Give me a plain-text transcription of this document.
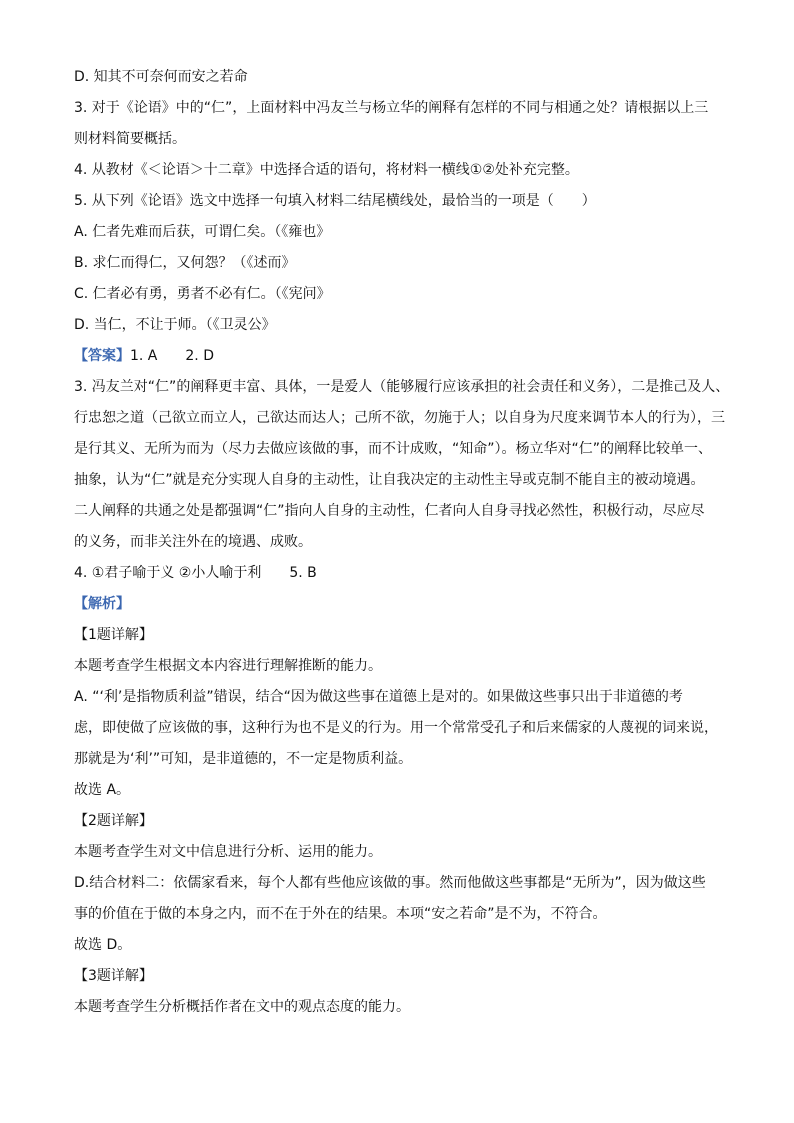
D. 知其不可奈何而安之若命
3. 对于《论语》中的“仁”，上面材料中冯友兰与杨立华的阐释有怎样的不同与相通之处？请根据以上三
则材料简要概括。
4. 从教材《＜论语＞十二章》中选择合适的语句，将材料一横线①②处补充完整。
5. 从下列《论语》选文中选择一句填入材料二结尾横线处，最恰当的一项是（　　）
A. 仁者先难而后获，可谓仁矣。（《雍也》
B. 求仁而得仁，又何怨？（《述而》
C. 仁者必有勇，勇者不必有仁。（《宪问》
D. 当仁，不让于师。（《卫灵公》
【答案】1. A　　2. D
3. 冯友兰对“仁”的阐释更丰富、具体，一是爱人（能够履行应该承担的社会责任和义务），二是推己及人、
行忠恕之道（己欲立而立人，己欲达而达人；己所不欲，勿施于人；以自身为尺度来调节本人的行为），三
是行其义、无所为而为（尽力去做应该做的事，而不计成败，“知命”）。杨立华对“仁”的阐释比较单一、
抽象，认为“仁”就是充分实现人自身的主动性，让自我决定的主动性主导或克制不能自主的被动境遇。
二人阐释的共通之处是都强调“仁”指向人自身的主动性，仁者向人自身寻找必然性，积极行动，尽应尽
的义务，而非关注外在的境遇、成败。
4. ①君子喻于义 ②小人喻于利　　5. B
【解析】
【1题详解】
本题考查学生根据文本内容进行理解推断的能力。
A. “‘利’是指物质利益”错误，结合“因为做这些事在道德上是对的。如果做这些事只出于非道德的考
虑，即使做了应该做的事，这种行为也不是义的行为。用一个常常受孔子和后来儒家的人蔑视的词来说，
那就是为‘利’”可知，是非道德的，不一定是物质利益。
故选 A。
【2题详解】
本题考查学生对文中信息进行分析、运用的能力。
D.结合材料二：依儒家看来，每个人都有些他应该做的事。然而他做这些事都是“无所为”，因为做这些
事的价值在于做的本身之内，而不在于外在的结果。本项“安之若命”是不为，不符合。
故选 D。
【3题详解】
本题考查学生分析概括作者在文中的观点态度的能力。
